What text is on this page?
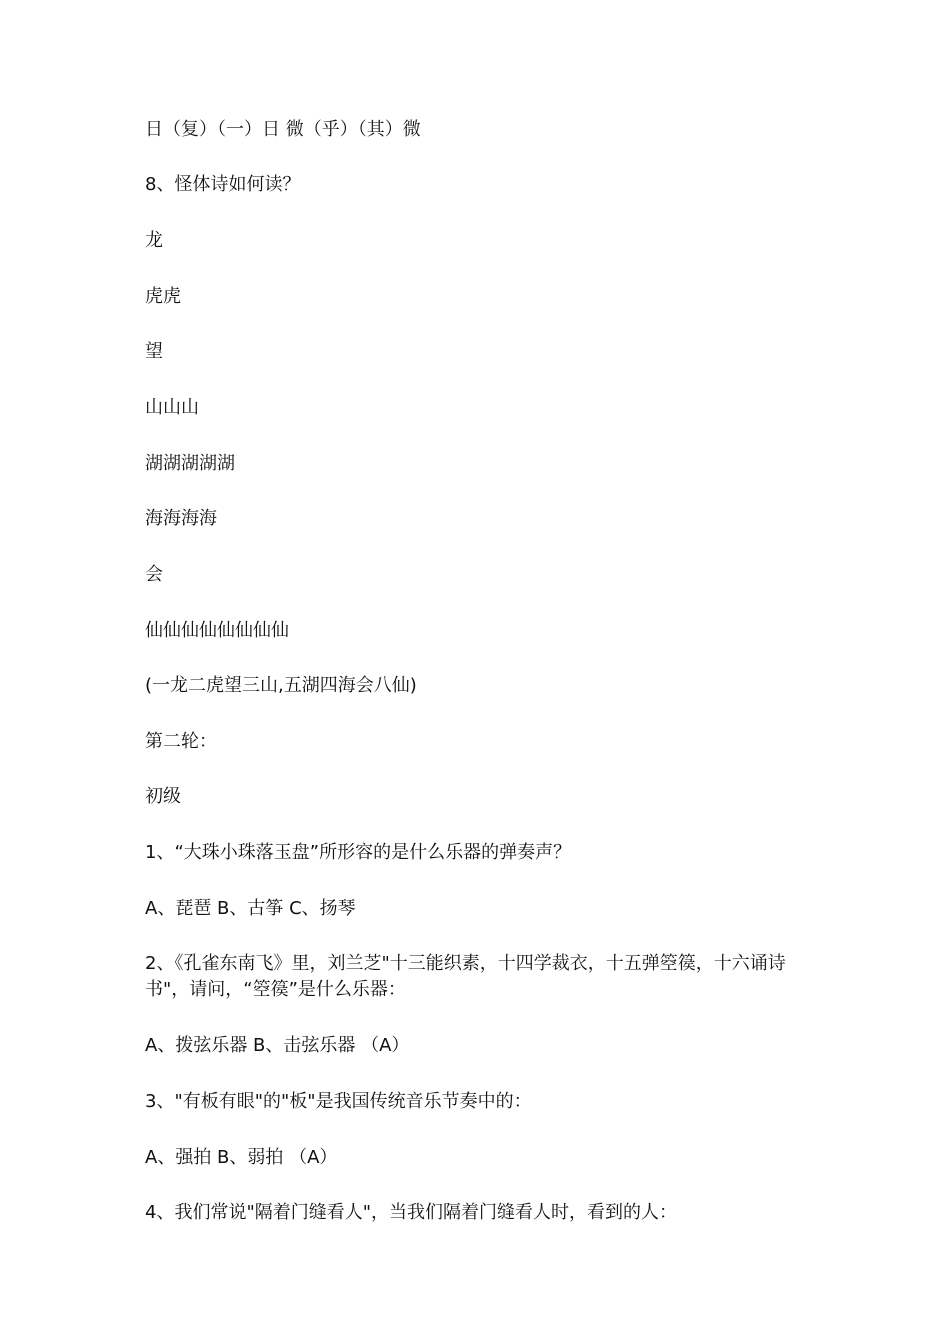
日（复）（一）日 微（乎）（其）微
8、怪体诗如何读？
龙
虎虎
望
山山山
湖湖湖湖湖
海海海海
会
仙仙仙仙仙仙仙仙
(一龙二虎望三山,五湖四海会八仙)
第二轮：
初级
1、“大珠小珠落玉盘”所形容的是什么乐器的弹奏声？
A、琵琶 B、古筝 C、扬琴
2、《孔雀东南飞》里，刘兰芝"十三能织素，十四学裁衣，十五弹箜篌，十六诵诗书"，请问，“箜篌”是什么乐器：
A、拨弦乐器 B、击弦乐器 （A）
3、"有板有眼"的"板"是我国传统音乐节奏中的：
A、强拍 B、弱拍 （A）
4、我们常说"隔着门缝看人"，当我们隔着门缝看人时，看到的人：
